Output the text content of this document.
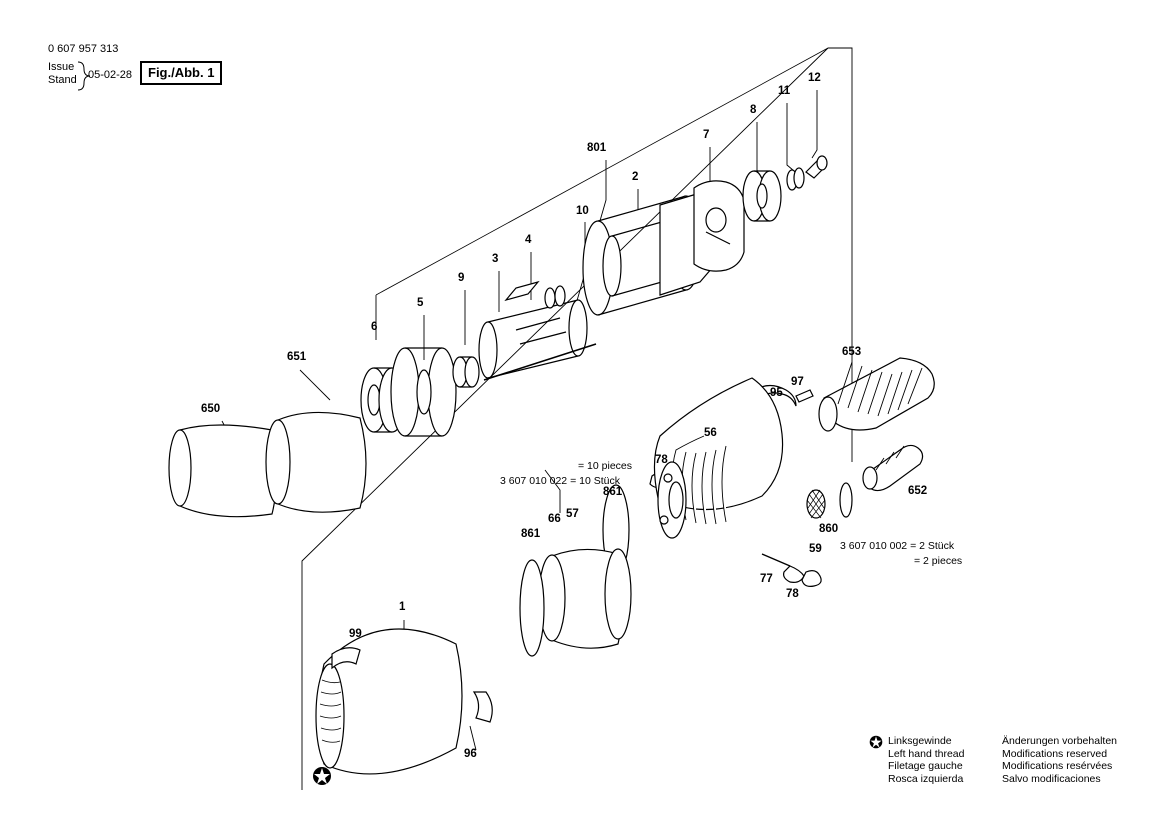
0 607 957 313
Issue
Stand 05-02-28	Fig./Abb. 1	12
11
8
7
801
2
10
4
3
9
5
6
651
650
66
653
97
95
56
652
78
861
860
59
861
57
77
78
1
99
96
= 10 pieces
3 607 010 022 = 10 Stück
3 607 010 002 = 2 Stück
= 2 pieces
Linksgewinde
Left hand thread
Filetage gauche
Rosca izquierda
Änderungen vorbehalten
Modifications reserved
Modifications resérvées
Salvo modificaciones
